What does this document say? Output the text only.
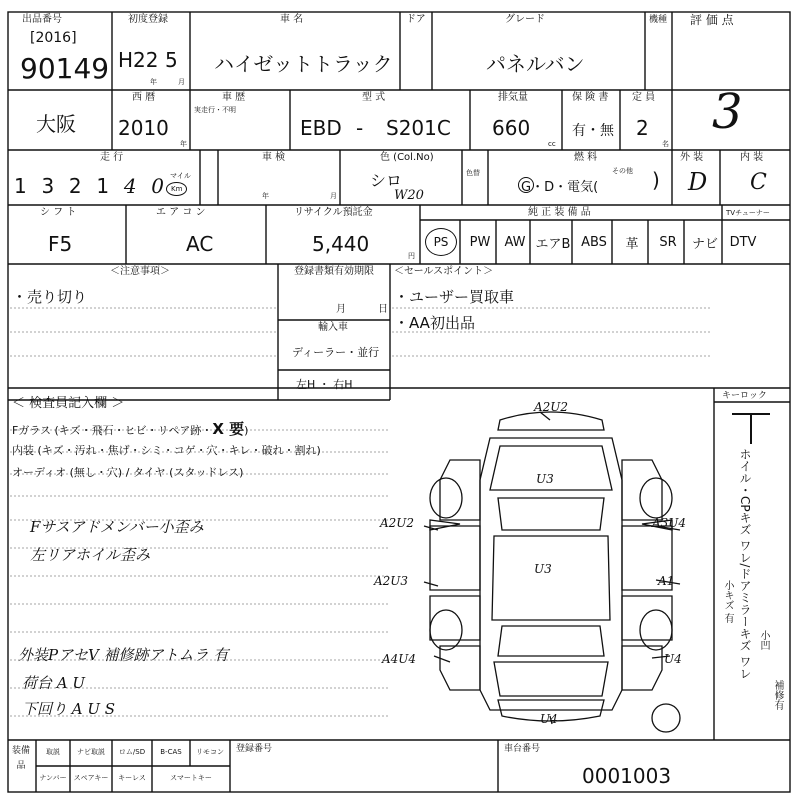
出品番号
[2016]
90149
初度登録
H22 5
年	月
車 名
ハイゼットトラック
ドア	グレード
パネルバン
機種 評 価 点
3
大阪
西 暦
2010
年
車 歴
実走行・不明
型 式
EBD - S201C
排気量
660
cc
保 険 書
有・無
定 員
2
名
走 行
1 3 2 1 4 0 マイル
Km
車 検
年	月
色 (Col.No)
シロ
W20
色替
燃 料
その他
G・D・電気(	)
外 装
D
内 装
C
シ フ ト
F5
エ ア コ ン
AC
リサイクル預託金
5,440	円
純 正 装 備 品	TVチューナー
PS	PW	AW エアB ABS	革	SR	ナビ DTV
＜注意事項＞
・売り切り
登録書類有効期限
月	日
輸入車
ディーラー・並行
左H ・ 右H
＜セールスポイント＞
・ユーザー買取車
・AA初出品
＜ 検査員記入欄 ＞
Fガラス (キズ・飛石・ヒビ・リペア跡・X 要)
内装 (キズ・汚れ・焦げ・シミ・コゲ・穴・キレ・破れ・割れ)
オーディオ (無し・穴) / タイヤ (スタッドレス)
Fサスアドメンバー小歪み
左リアホイル歪み
外装PアセV 補修跡アトムラ 有
荷台 A U
下回り A U S
A2U2
A2U2	A3U4
A2U3	A1
A4U4	U4
U4
U3
U3
キーロック
ホイル・CPキズ ワレ/ドアミラーキズ ワレ
小キズ 有
小凹
補修有
装備品
取説	ナビ取説	ロム/SD	B-CAS	リモコン
ナンバー	スペアキー	キーレス	スマートキー
登録番号	車台番号
0001003
